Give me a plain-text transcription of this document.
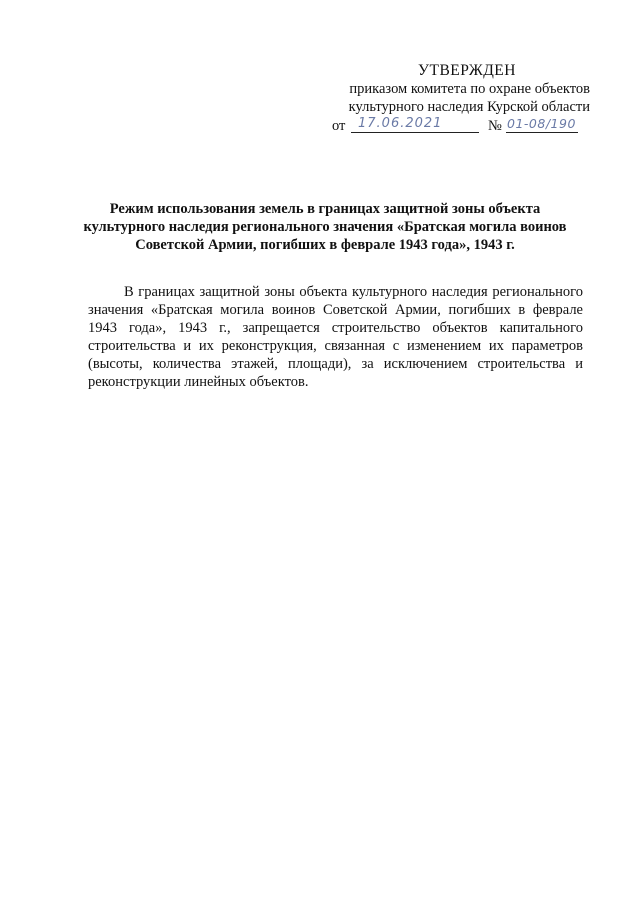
УТВЕРЖДЕН
приказом комитета по охране объектов
культурного наследия Курской области
от 17.06.2021	№ 01-08/190
Режим использования земель в границах защитной зоны объекта культурного наследия регионального значения «Братская могила воинов Советской Армии, погибших в феврале 1943 года», 1943 г.
В границах защитной зоны объекта культурного наследия регионального значения «Братская могила воинов Советской Армии, погибших в феврале 1943 года», 1943 г., запрещается строительство объектов капитального строительства и их реконструкция, связанная с изменением их параметров (высоты, количества этажей, площади), за исключением строительства и реконструкции линейных объектов.
